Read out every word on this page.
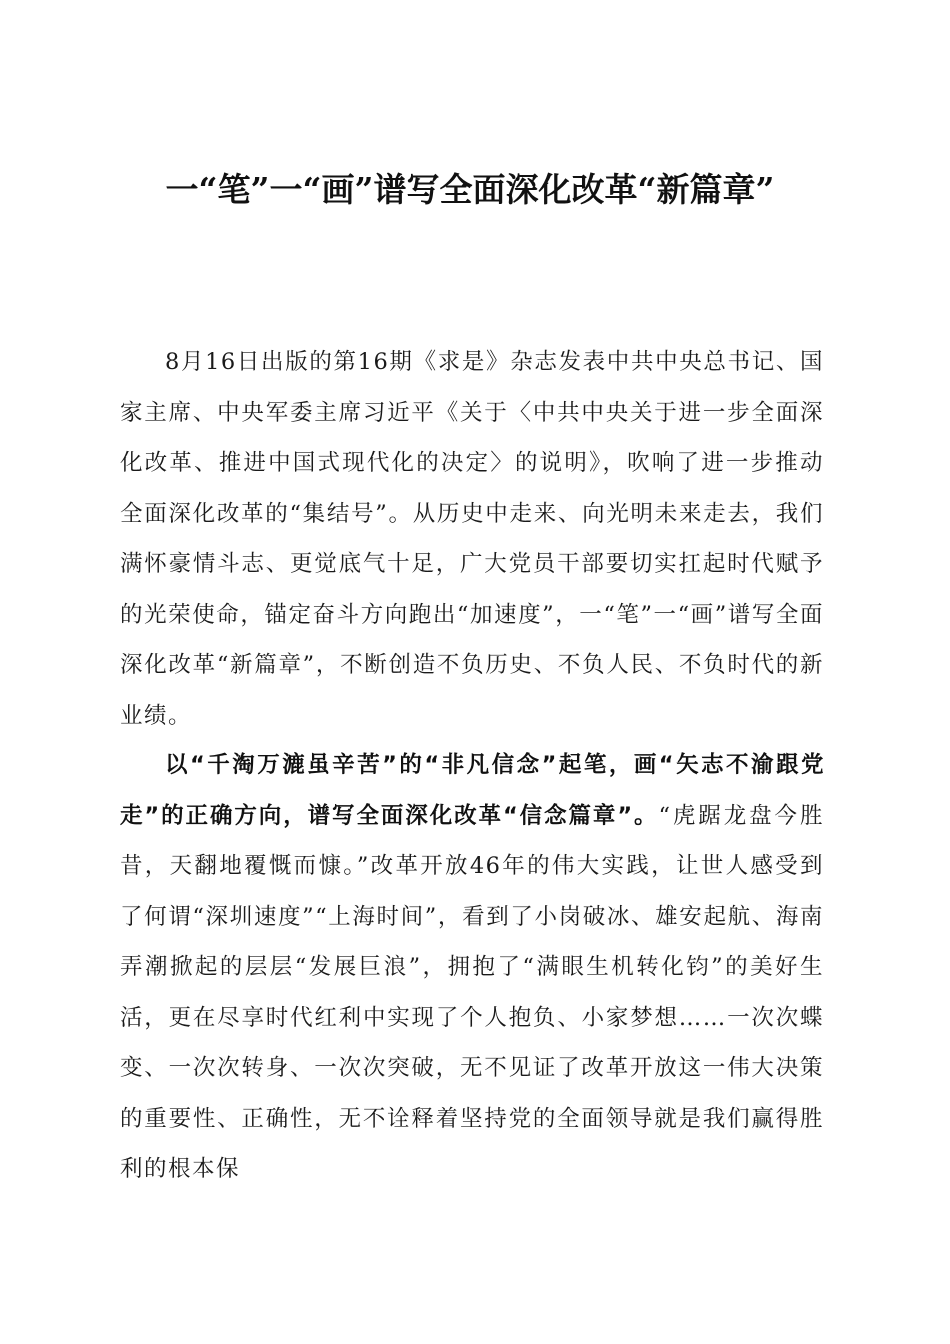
一“笔”一“画”谱写全面深化改革“新篇章”

8月16日出版的第16期《求是》杂志发表中共中央总书记、国家主席、中央军委主席习近平《关于〈中共中央关于进一步全面深化改革、推进中国式现代化的决定〉的说明》，吹响了进一步推动全面深化改革的“集结号”。从历史中走来、向光明未来走去，我们满怀豪情斗志、更觉底气十足，广大党员干部要切实扛起时代赋予的光荣使命，锚定奋斗方向跑出“加速度”，一“笔”一“画”谱写全面深化改革“新篇章”，不断创造不负历史、不负人民、不负时代的新业绩。

以“千淘万漉虽辛苦”的“非凡信念”起笔，画“矢志不渝跟党走”的正确方向，谱写全面深化改革“信念篇章”。“虎踞龙盘今胜昔，天翻地覆慨而慷。”改革开放46年的伟大实践，让世人感受到了何谓“深圳速度”“上海时间”，看到了小岗破冰、雄安起航、海南弄潮掀起的层层“发展巨浪”，拥抱了“满眼生机转化钧”的美好生活，更在尽享时代红利中实现了个人抱负、小家梦想……一次次蝶变、一次次转身、一次次突破，无不见证了改革开放这一伟大决策的重要性、正确性，无不诠释着坚持党的全面领导就是我们赢得胜利的根本保
